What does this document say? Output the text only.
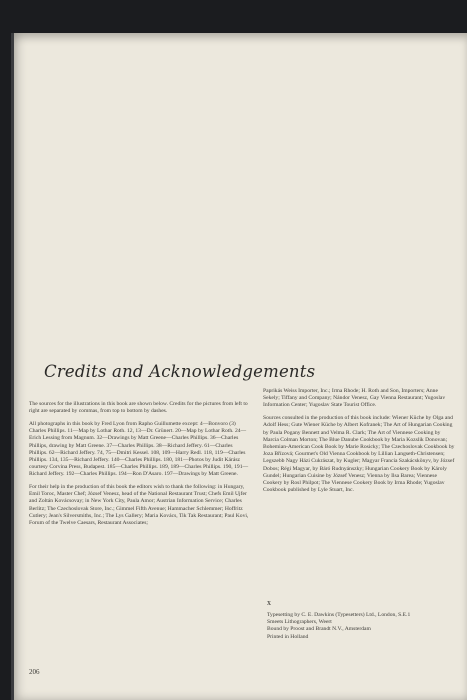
Credits and Acknowledgements

The sources for the illustrations in this book are shown below. Credits for the pictures from left to right are separated by commas, from top to bottom by dashes.

All photographs in this book by Fred Lyon from Rapho Guillumette except: 4—Bonvoro (3) Charles Phillips. 11—Map by Lothar Roth. 12, 13—Dr. Grünert. 20—Map by Lothar Roth. 24—Erich Lessing from Magnum. 32—Drawings by Matt Greene—Charles Phillips. 36—Charles Phillips, drawing by Matt Greene. 37—Charles Phillips. 38—Richard Jeffery. 61—Charles Phillips. 62—Richard Jeffery. 74, 75—Dmitri Kessel. 108, 109—Harry Redl. 118, 119—Charles Phillips. 134, 135—Richard Jeffery. 140—Charles Phillips. 180, 181—Photos by Judit Kárász courtesy Corvina Press, Budapest. 185—Charles Phillips. 189, 189—Charles Phillips. 190, 191—Richard Jeffery. 192—Charles Phillips. 194—Ron D'Asaro. 197—Drawings by Matt Greene.

For their help in the production of this book the editors wish to thank the following: in Hungary, Emil Toroc, Master Chef; József Venesz, head of the National Restaurant Trust; Chefs Emil Ujfer and Zoltán Kovácsovay; in New York City, Paula Amor; Austrian Information Service; Charles Berlitz; The Czechoslovak Store, Inc.; Gimmel Fifth Avenue; Hammacher Schlemmer; Hoffritz Cutlery; Jean's Silversmiths, Inc.; The Lys Gallery; Maria Kovács, Tik Tak Restaurant; Paul Kovi, Forum of the Twelve Caesars, Restaurant Associates;

Paprikás Weiss Importer, Inc.; Irma Rhode; H. Roth and Son, Importers; Anne Sekely; Tiffany and Company; Nándor Venesz, Gay Vienna Restaurant; Yugoslav Information Center; Yugoslav State Tourist Office.

Sources consulted in the production of this book include: Wiener Küche by Olga and Adolf Hess; Gute Wiener Küche by Albert Kofranek; The Art of Hungarian Cooking by Paula Pogany Bennett and Velma R. Clark; The Art of Viennese Cooking by Marcia Colman Morton; The Blue Danube Cookbook by Maria Kozslik Donovan; Bohemian-American Cook Book by Marie Rosicky; The Czechoslovak Cookbook by Joza Břízová; Gourmet's Old Vienna Cookbook by Lillian Langseth-Christensen; Legszebb Nagy Házi Cukrászat, by Kugler; Magyar Francia Szakácskönyv, by József Dobos; Régi Magyar, by Báró Rudnyánszky; Hungarian Cookery Book by Károly Gundel; Hungarian Cuisine by József Venesz; Vienna by Ilsa Barea; Viennese Cookery by Rosl Philpot; The Viennese Cookery Book by Irma Rhode; Yugoslav Cookbook published by Lyle Stuart, Inc.

x
Typesetting by C. E. Dawkins (Typesetters) Ltd., London, S.E.1
Smeets Lithographers, Weert
Bound by Proost and Brandt N.V., Amsterdam
Printed in Holland
206
